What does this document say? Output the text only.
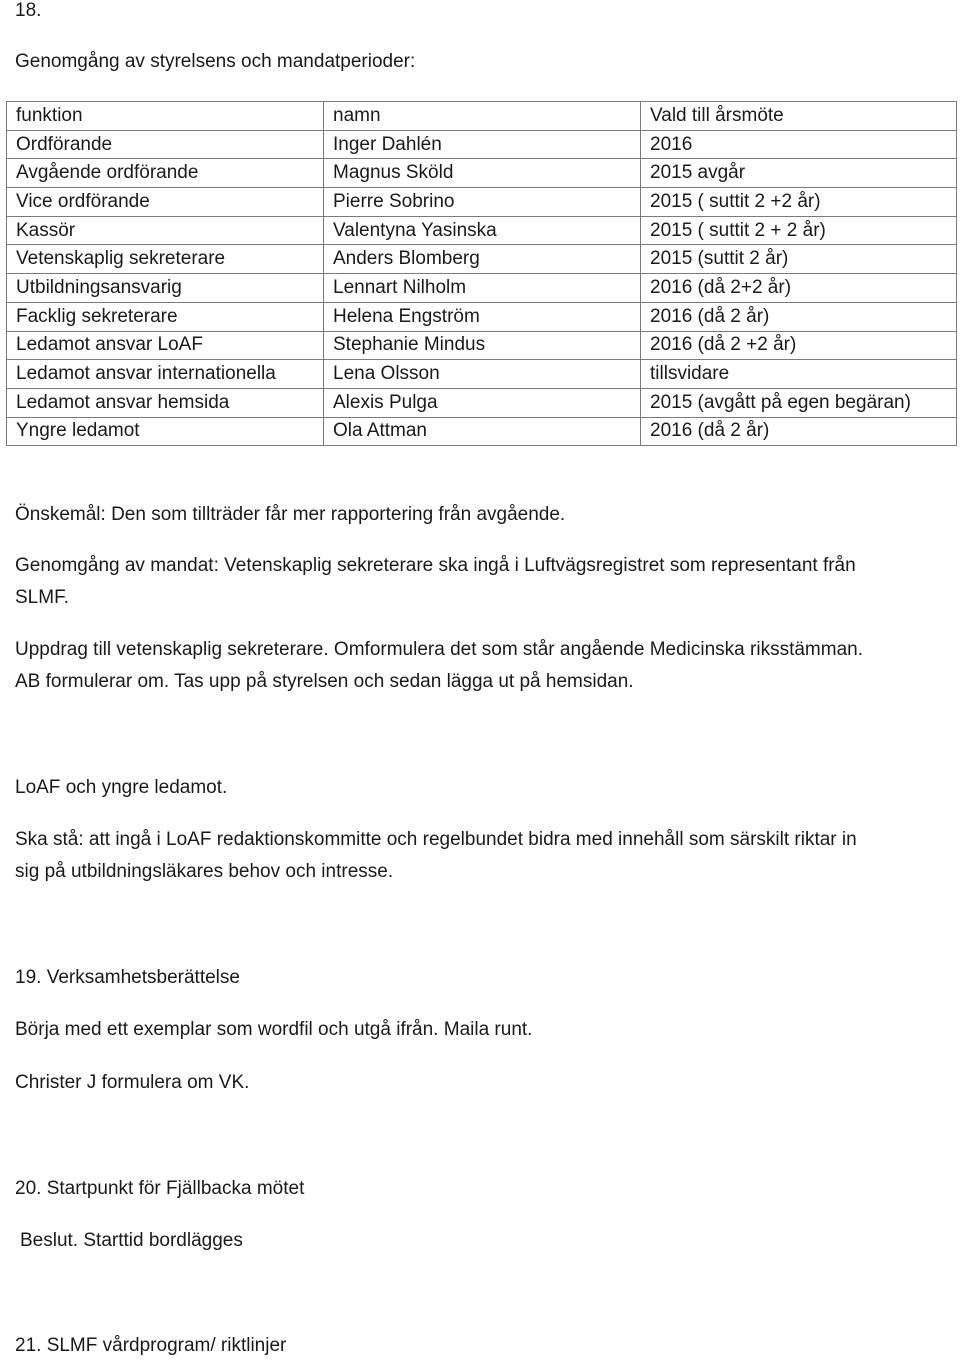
18.
Genomgång av styrelsens och mandatperioder:
funktion	namn	Vald till årsmöte
Ordförande	Inger Dahlén	2016
Avgående ordförande	Magnus Sköld	2015 avgår
Vice ordförande	Pierre Sobrino	2015 ( suttit 2 +2 år)
Kassör	Valentyna Yasinska	2015 ( suttit 2 + 2 år)
Vetenskaplig sekreterare	Anders Blomberg	2015 (suttit 2 år)
Utbildningsansvarig	Lennart Nilholm	2016 (då 2+2 år)
Facklig sekreterare	Helena Engström	2016 (då 2 år)
Ledamot ansvar LoAF	Stephanie Mindus	2016 (då 2 +2 år)
Ledamot ansvar internationella	Lena Olsson	tillsvidare
Ledamot ansvar hemsida	Alexis Pulga	2015 (avgått på egen begäran)
Yngre ledamot	Ola Attman	2016 (då 2 år)
Önskemål: Den som tillträder får mer rapportering från avgående.
Genomgång av mandat: Vetenskaplig sekreterare ska ingå i Luftvägsregistret som representant från
SLMF.
Uppdrag till vetenskaplig sekreterare. Omformulera det som står angående Medicinska riksstämman.
AB formulerar om. Tas upp på styrelsen och sedan lägga ut på hemsidan.
LoAF och yngre ledamot.
Ska stå: att ingå i LoAF redaktionskommitte och regelbundet bidra med innehåll som särskilt riktar in
sig på utbildningsläkares behov och intresse.
19. Verksamhetsberättelse
Börja med ett exemplar som wordfil och utgå ifrån. Maila runt.
Christer J formulera om VK.
20. Startpunkt för Fjällbacka mötet
Beslut. Starttid bordlägges
21. SLMF vårdprogram/ riktlinjer
